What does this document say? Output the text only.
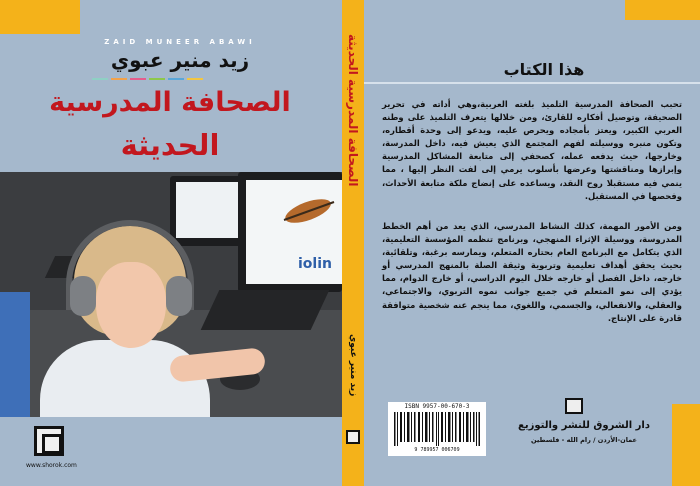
ZAID MUNEER ABAWI
زيد منير عبوي
الصحافة المدرسية
الحديثة
iolin
www.shorok.com
الصحافة المدرسية الحديثة
زيد منير عبوي
هذا الكتاب
تحبب الصحافة المدرسية التلميذ بلغته العربية،وهي أداته في تحرير الصحيفة، وتوصيل أفكاره للقارئ، ومن خلالها يتعرف التلميذ على وطنه العربي الكبير، ويعتز بأمجاده ويحرص عليه، ويدعو إلى وحدة أقطاره، وتكون منبره ووسيلته لفهم المجتمع الذي يعيش فيه، داخل المدرسة، وخارجها، حيث يدفعه عمله، كصحفي إلى متابعة المشاكل المدرسية وإبرازها ومناقشتها وعرضها بأسلوب يرمي إلى لفت النظر إليها ، مما ينمي فيه مستقبلا روح النقد، ويساعده على إنضاج ملكة متابعة الأحداث، وفحصها في المستقبل.
ومن الأمور المهمة، كذلك النشاط المدرسي، الذي يعد من أهم الخطط المدروسة، ووسيلة الإثراء المنهجي، وبرنامج تنظمه المؤسسة التعليمية، الذي يتكامل مع البرنامج العام بحتاره المتعلم، ويمارسه برغبة، وتلقائية، بحيث يحقق أهداف تعليمية وتربوية وثيقة الصلة بالمنهج المدرسي أو خارجه، داخل الفصل أو خارجه خلال اليوم الدراسي، أو خارج الدوام، مما يؤدي إلى نمو المتعلم في جميع جوانب نموه التربوي، والاجتماعي، والعقلي، والانفعالي، والجسمي، واللغوي، مما ينجم عنه شخصية متوافقة قادرة على الإنتاج.
ISBN 9957-00-670-3
9 789957 006709
دار الشروق للنشر والتوزيع
عمان-الأردن / رام الله - فلسطين
